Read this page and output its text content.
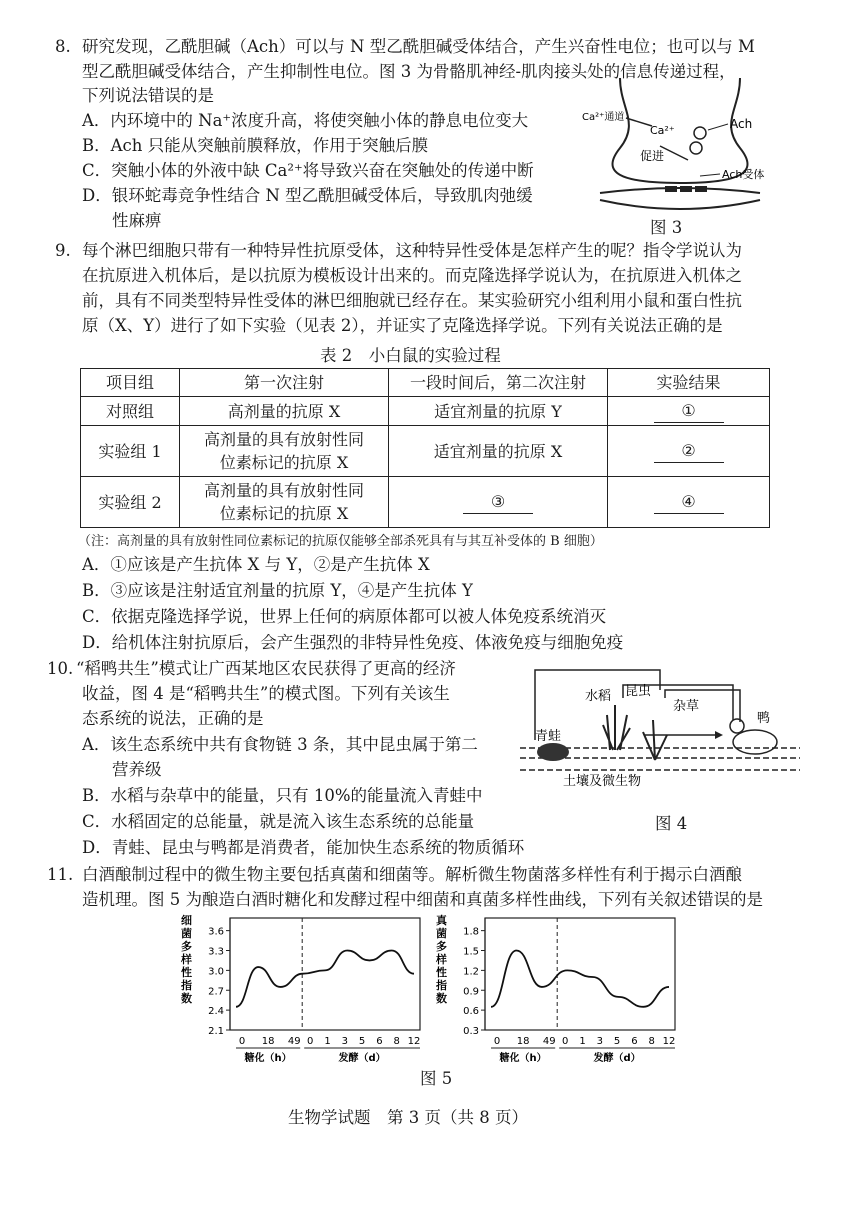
8. 研究发现，乙酰胆碱（Ach）可以与 N 型乙酰胆碱受体结合，产生兴奋性电位；也可以与 M
型乙酰胆碱受体结合，产生抑制性电位。图 3 为骨骼肌神经-肌肉接头处的信息传递过程，
下列说法错误的是
A．内环境中的 Na⁺浓度升高，将使突触小体的静息电位变大
B．Ach 只能从突触前膜释放，作用于突触后膜
C．突触小体的外液中缺 Ca²⁺将导致兴奋在突触处的传递中断
D．银环蛇毒竞争性结合 N 型乙酰胆碱受体后，导致肌肉弛缓
性麻痹
Ca²⁺通道
Ca²⁺	Ach
促进
Ach受体
图 3
9. 每个淋巴细胞只带有一种特异性抗原受体，这种特异性受体是怎样产生的呢？指令学说认为
在抗原进入机体后，是以抗原为模板设计出来的。而克隆选择学说认为，在抗原进入机体之
前，具有不同类型特异性受体的淋巴细胞就已经存在。某实验研究小组利用小鼠和蛋白性抗
原（X、Y）进行了如下实验（见表 2），并证实了克隆选择学说。下列有关说法正确的是
表 2　小白鼠的实验过程
项目组	第一次注射	一段时间后，第二次注射	实验结果
对照组	高剂量的抗原 X	适宜剂量的抗原 Y	①
实验组 1	高剂量的具有放射性同
位素标记的抗原 X	适宜剂量的抗原 X	②
实验组 2	高剂量的具有放射性同
位素标记的抗原 X	③	④
（注：高剂量的具有放射性同位素标记的抗原仅能够全部杀死具有与其互补受体的 B 细胞）
A．①应该是产生抗体 X 与 Y，②是产生抗体 X
B．③应该是注射适宜剂量的抗原 Y，④是产生抗体 Y
C．依据克隆选择学说，世界上任何的病原体都可以被人体免疫系统消灭
D．给机体注射抗原后，会产生强烈的非特异性免疫、体液免疫与细胞免疫
10. “稻鸭共生”模式让广西某地区农民获得了更高的经济
收益，图 4 是“稻鸭共生”的模式图。下列有关该生
态系统的说法，正确的是
A．该生态系统中共有食物链 3 条，其中昆虫属于第二
营养级
B．水稻与杂草中的能量，只有 10%的能量流入青蛙中
C．水稻固定的总能量，就是流入该生态系统的总能量
D．青蛙、昆虫与鸭都是消费者，能加快生态系统的物质循环
昆虫
水稻
杂草
鸭
青蛙
土壤及微生物
图 4
11. 白酒酿制过程中的微生物主要包括真菌和细菌等。解析微生物菌落多样性有利于揭示白酒酿
造机理。图 5 为酿造白酒时糖化和发酵过程中细菌和真菌多样性曲线，下列有关叙述错误的是
细
菌
多
样
性
指
数
3.6
3.3
3.0
2.7
2.4
2.1
0 18 49
糖化（h）
0 1 3 5 6 8 12
发酵（d）
真
菌
多
样
性
指
数
1.8
1.5
1.2
0.9
0.6
0.3
0 18 49
糖化（h）
0 1 3 5 6 8 12
发酵（d）
图 5
生物学试题　第 3 页（共 8 页）
